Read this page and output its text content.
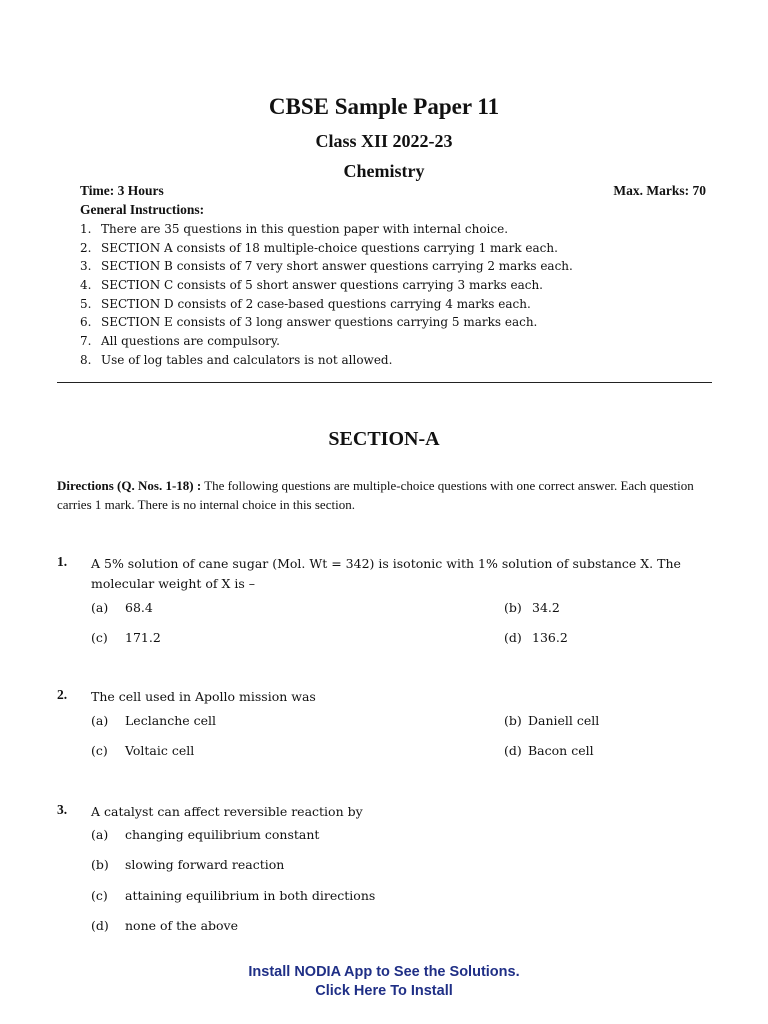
CBSE Sample Paper 11
Class XII 2022-23
Chemistry
Time: 3 Hours	Max. Marks: 70
General Instructions:
1. There are 35 questions in this question paper with internal choice.
2. SECTION A consists of 18 multiple-choice questions carrying 1 mark each.
3. SECTION B consists of 7 very short answer questions carrying 2 marks each.
4. SECTION C consists of 5 short answer questions carrying 3 marks each.
5. SECTION D consists of 2 case-based questions carrying 4 marks each.
6. SECTION E consists of 3 long answer questions carrying 5 marks each.
7. All questions are compulsory.
8. Use of log tables and calculators is not allowed.
SECTION-A
Directions (Q. Nos. 1-18) : The following questions are multiple-choice questions with one correct answer. Each question carries 1 mark. There is no internal choice in this section.
1. A 5% solution of cane sugar (Mol. Wt = 342) is isotonic with 1% solution of substance X. The molecular weight of X is –
(a) 68.4	(b) 34.2
(c) 171.2	(d) 136.2
2. The cell used in Apollo mission was
(a) Leclanche cell	(b) Daniell cell
(c) Voltaic cell	(d) Bacon cell
3. A catalyst can affect reversible reaction by
(a) changing equilibrium constant
(b) slowing forward reaction
(c) attaining equilibrium in both directions
(d) none of the above
Install NODIA App to See the Solutions.
Click Here To Install
